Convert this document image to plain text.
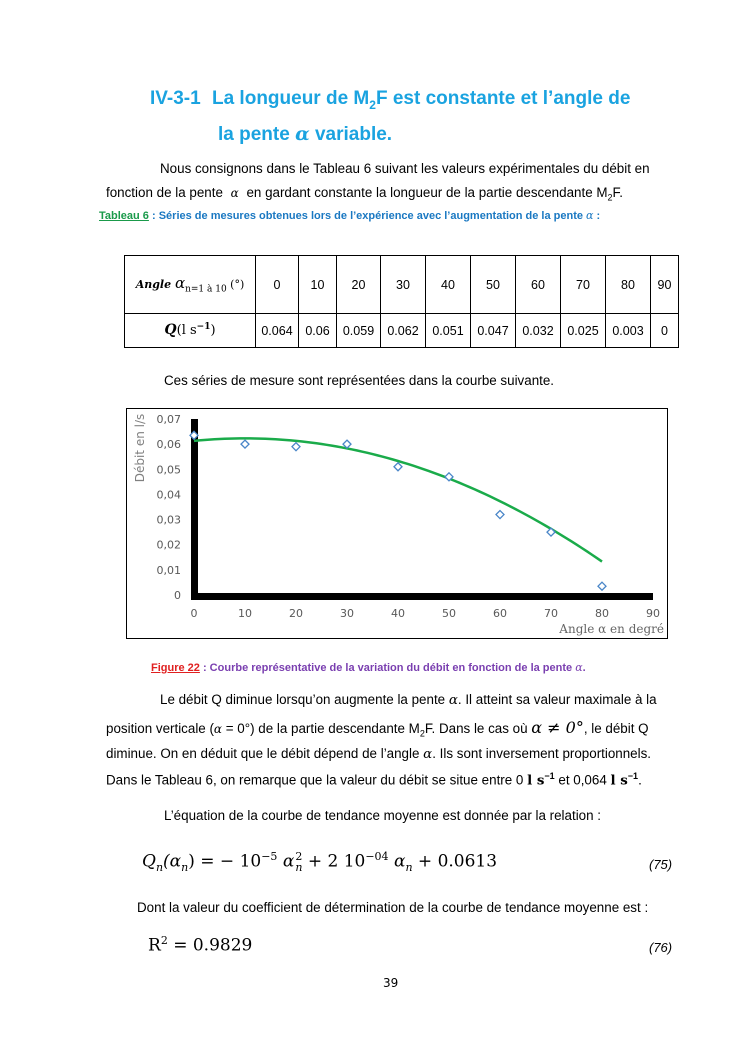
IV-3-1 La longueur de $M_2F$ est constante et l’angle de
la pente α variable.
Nous consignons dans le Tableau 6 suivant les valeurs expérimentales du débit en
fonction de la pente α en gardant constante la longueur de la partie descendante $M_2F$.
Tableau 6 : Séries de mesures obtenues lors de l’expérience avec l’augmentation de la pente α :
Angle $\alpha_{n=1 à 10}$ (°)	0	10	20	30	40	50	60	70	80	90
Q(l $s^{-1}$)	0.064	0.06	0.059	0.062	0.051	0.047	0.032	0.025	0.003	0
Ces séries de mesure sont représentées dans la courbe suivante.
Débit en l/s
Angle α en degré
0
0,01
0,02
0,03
0,04
0,05
0,06
0,07
0	10	20	30	40	50	60	70	80	90
Figure 22 : Courbe représentative de la variation du débit en fonction de la pente α.
Le débit Q diminue lorsqu’on augmente la pente α. Il atteint sa valeur maximale à la
position verticale (α = 0°) de la partie descendante $M_2F$. Dans le cas où α ≠ 0°, le débit Q
diminue. On en déduit que le débit dépend de l’angle α. Ils sont inversement proportionnels.
Dans le Tableau 6, on remarque que la valeur du débit se situe entre 0 l $s^{-1}$ et 0,064 l $s^{-1}$.
L’équation de la courbe de tendance moyenne est donnée par la relation :
$Q_n(\alpha_n)$ = − $10^{-5}$ α 2
n + 2 $10^{-04}$ $\alpha_n + 0.0613$	(75)
Dont la valeur du coefficient de détermination de la courbe de tendance moyenne est :
$R^2 = 0.9829$	(76)
39
